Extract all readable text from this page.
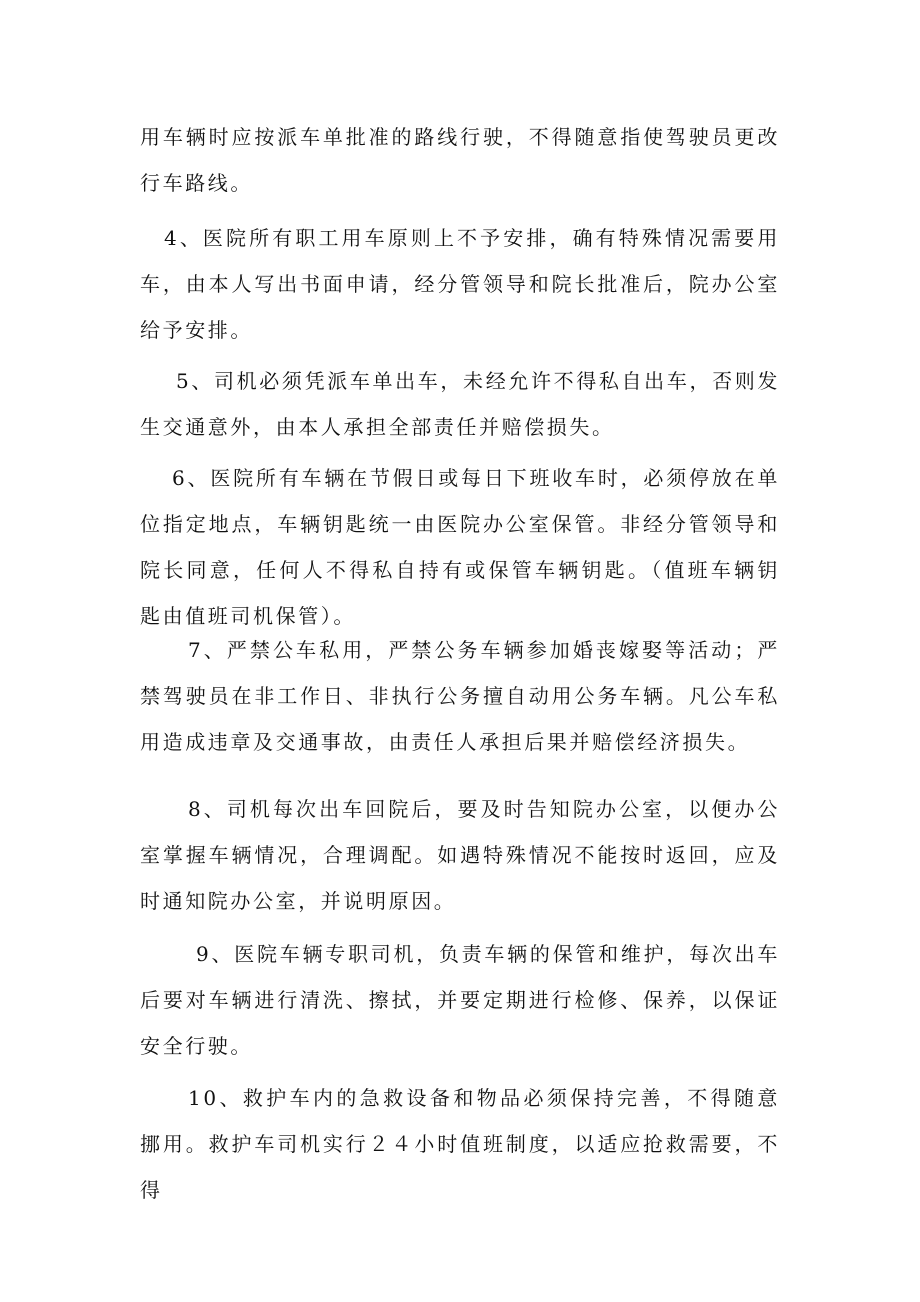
用车辆时应按派车单批准的路线行驶，不得随意指使驾驶员更改行车路线。

4、医院所有职工用车原则上不予安排，确有特殊情况需要用车，由本人写出书面申请，经分管领导和院长批准后，院办公室给予安排。

5、司机必须凭派车单出车，未经允许不得私自出车，否则发生交通意外，由本人承担全部责任并赔偿损失。

6、医院所有车辆在节假日或每日下班收车时，必须停放在单位指定地点，车辆钥匙统一由医院办公室保管。非经分管领导和院长同意，任何人不得私自持有或保管车辆钥匙。（值班车辆钥匙由值班司机保管）。

7、严禁公车私用，严禁公务车辆参加婚丧嫁娶等活动；严禁驾驶员在非工作日、非执行公务擅自动用公务车辆。凡公车私用造成违章及交通事故，由责任人承担后果并赔偿经济损失。

8、司机每次出车回院后，要及时告知院办公室，以便办公室掌握车辆情况，合理调配。如遇特殊情况不能按时返回，应及时通知院办公室，并说明原因。

9、医院车辆专职司机，负责车辆的保管和维护，每次出车后要对车辆进行清洗、擦拭，并要定期进行检修、保养，以保证安全行驶。

10、救护车内的急救设备和物品必须保持完善，不得随意挪用。救护车司机实行２４小时值班制度，以适应抢救需要，不得
